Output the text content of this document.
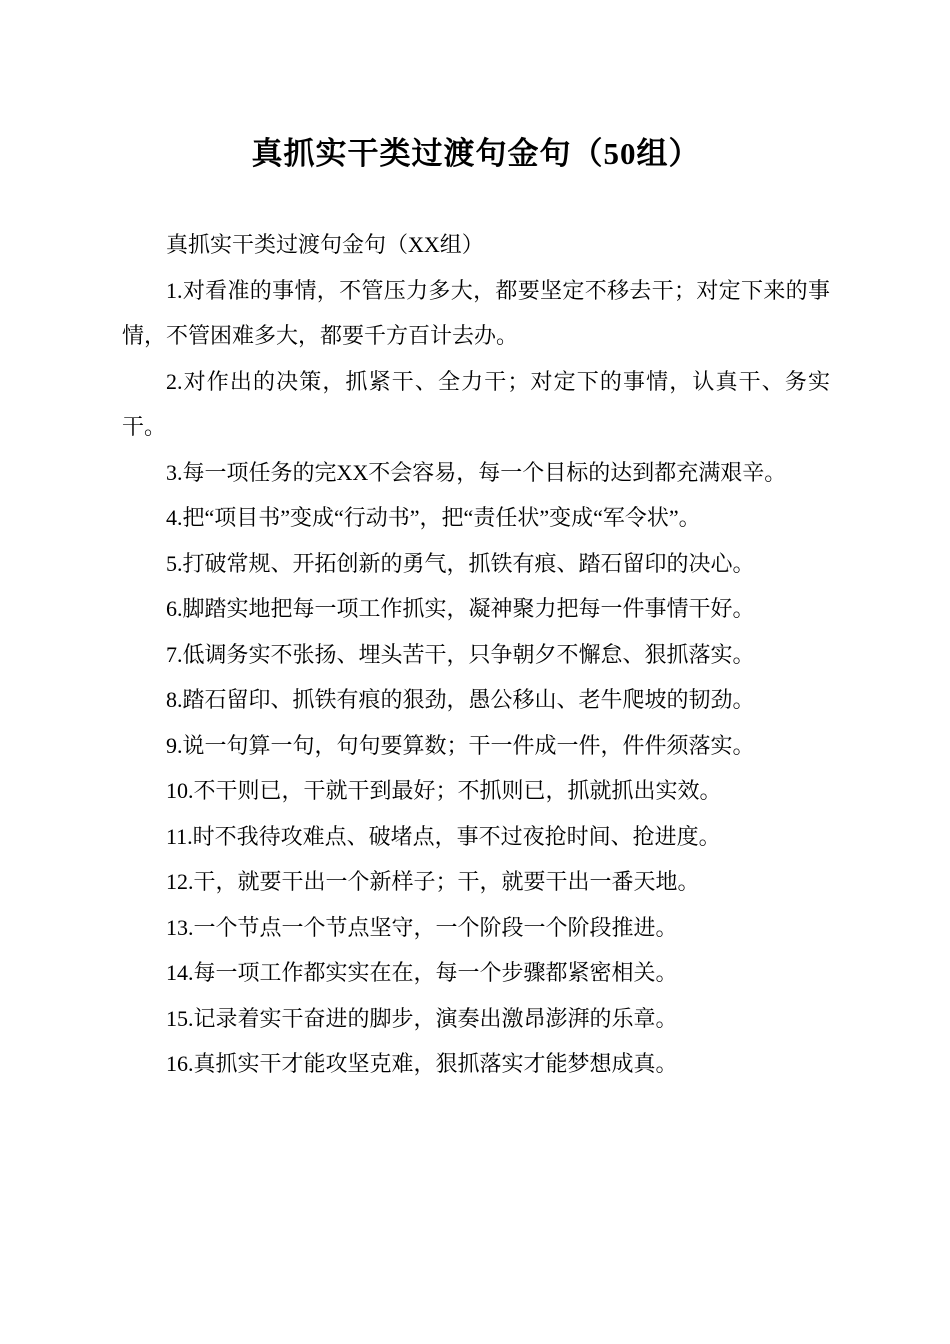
真抓实干类过渡句金句（50组）

真抓实干类过渡句金句（XX组）

1.对看准的事情，不管压力多大，都要坚定不移去干；对定下来的事情，不管困难多大，都要千方百计去办。

2.对作出的决策，抓紧干、全力干；对定下的事情，认真干、务实干。

3.每一项任务的完XX不会容易，每一个目标的达到都充满艰辛。

4.把“项目书”变成“行动书”，把“责任状”变成“军令状”。

5.打破常规、开拓创新的勇气，抓铁有痕、踏石留印的决心。

6.脚踏实地把每一项工作抓实，凝神聚力把每一件事情干好。

7.低调务实不张扬、埋头苦干，只争朝夕不懈怠、狠抓落实。

8.踏石留印、抓铁有痕的狠劲，愚公移山、老牛爬坡的韧劲。

9.说一句算一句，句句要算数；干一件成一件，件件须落实。

10.不干则已，干就干到最好；不抓则已，抓就抓出实效。

11.时不我待攻难点、破堵点，事不过夜抢时间、抢进度。

12.干，就要干出一个新样子；干，就要干出一番天地。

13.一个节点一个节点坚守，一个阶段一个阶段推进。

14.每一项工作都实实在在，每一个步骤都紧密相关。

15.记录着实干奋进的脚步，演奏出激昂澎湃的乐章。

16.真抓实干才能攻坚克难，狠抓落实才能梦想成真。
